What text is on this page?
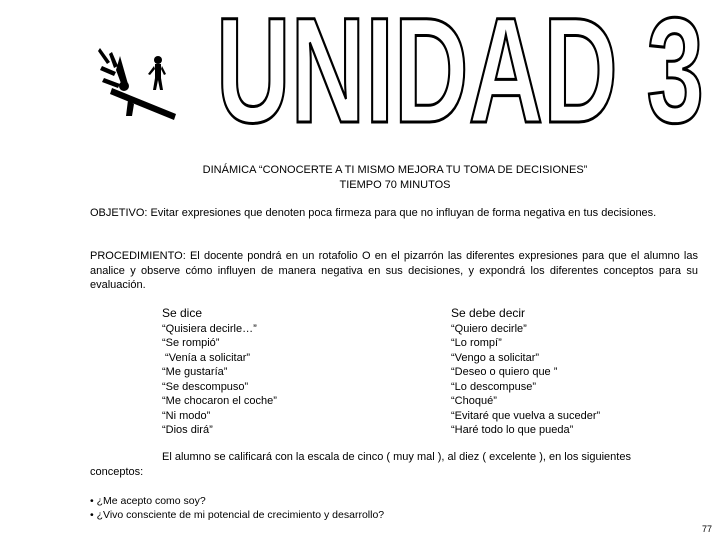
UNIDAD 3
DINÁMICA “CONOCERTE A TI MISMO MEJORA TU TOMA DE DECISIONES”
TIEMPO 70 MINUTOS
OBJETIVO: Evitar expresiones que denoten poca firmeza para que no influyan de forma negativa en tus decisiones.
PROCEDIMIENTO: El docente pondrá en un rotafolio O en el pizarrón las diferentes expresiones para que el alumno las analice y observe cómo influyen de manera negativa en sus decisiones, y expondrá los diferentes conceptos para su evaluación.
Se dice
“Quisiera decirle…”
“Se rompió”
“Venía a solicitar”
“Me gustaría”
“Se descompuso”
“Me chocaron el coche”
“Ni modo”
“Dios dirá”
Se debe decir
“Quiero decirle”
“Lo rompí”
“Vengo a solicitar”
“Deseo o quiero que ”
“Lo descompuse”
“Choqué”
“Evitaré que vuelva a suceder”
“Haré todo lo que pueda”
El alumno se calificará con la escala de cinco ( muy mal ), al diez ( excelente ), en los siguientes
conceptos:
• ¿Me acepto como soy?
• ¿Vivo consciente de mi potencial de crecimiento y desarrollo?
77
